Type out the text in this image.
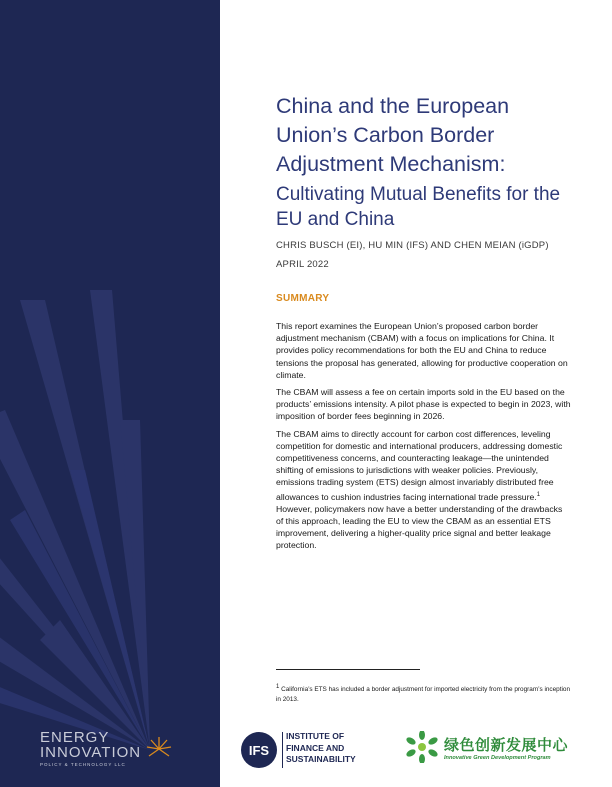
ENERGY
INNOVATION
POLICY & TECHNOLOGY LLC
China and the European Union’s Carbon Border Adjustment Mechanism:
Cultivating Mutual Benefits for the EU and China
CHRIS BUSCH (EI), HU MIN (IFS) AND CHEN MEIAN (iGDP)
APRIL 2022
SUMMARY

This report examines the European Union’s proposed carbon border adjustment mechanism (CBAM) with a focus on implications for China. It provides policy recommendations for both the EU and China to reduce tensions the proposal has generated, allowing for productive cooperation on climate.

The CBAM will assess a fee on certain imports sold in the EU based on the products’ emissions intensity. A pilot phase is expected to begin in 2023, with imposition of border fees beginning in 2026.

The CBAM aims to directly account for carbon cost differences, leveling competition for domestic and international producers, addressing domestic competitiveness concerns, and counteracting leakage—the unintended shifting of emissions to jurisdictions with weaker policies. Previously, emissions trading system (ETS) design almost invariably distributed free allowances to cushion industries facing international trade pressure.$^1$ However, policymakers now have a better understanding of the drawbacks of this approach, leading the EU to view the CBAM as an essential ETS improvement, delivering a higher-quality price signal and better leakage protection.

$^1$ California’s ETS has included a border adjustment for imported electricity from the program’s inception in 2013.
IFS
INSTITUTE OF
FINANCE AND
SUSTAINABILITY
绿色创新发展中心
Innovative Green Development Program
